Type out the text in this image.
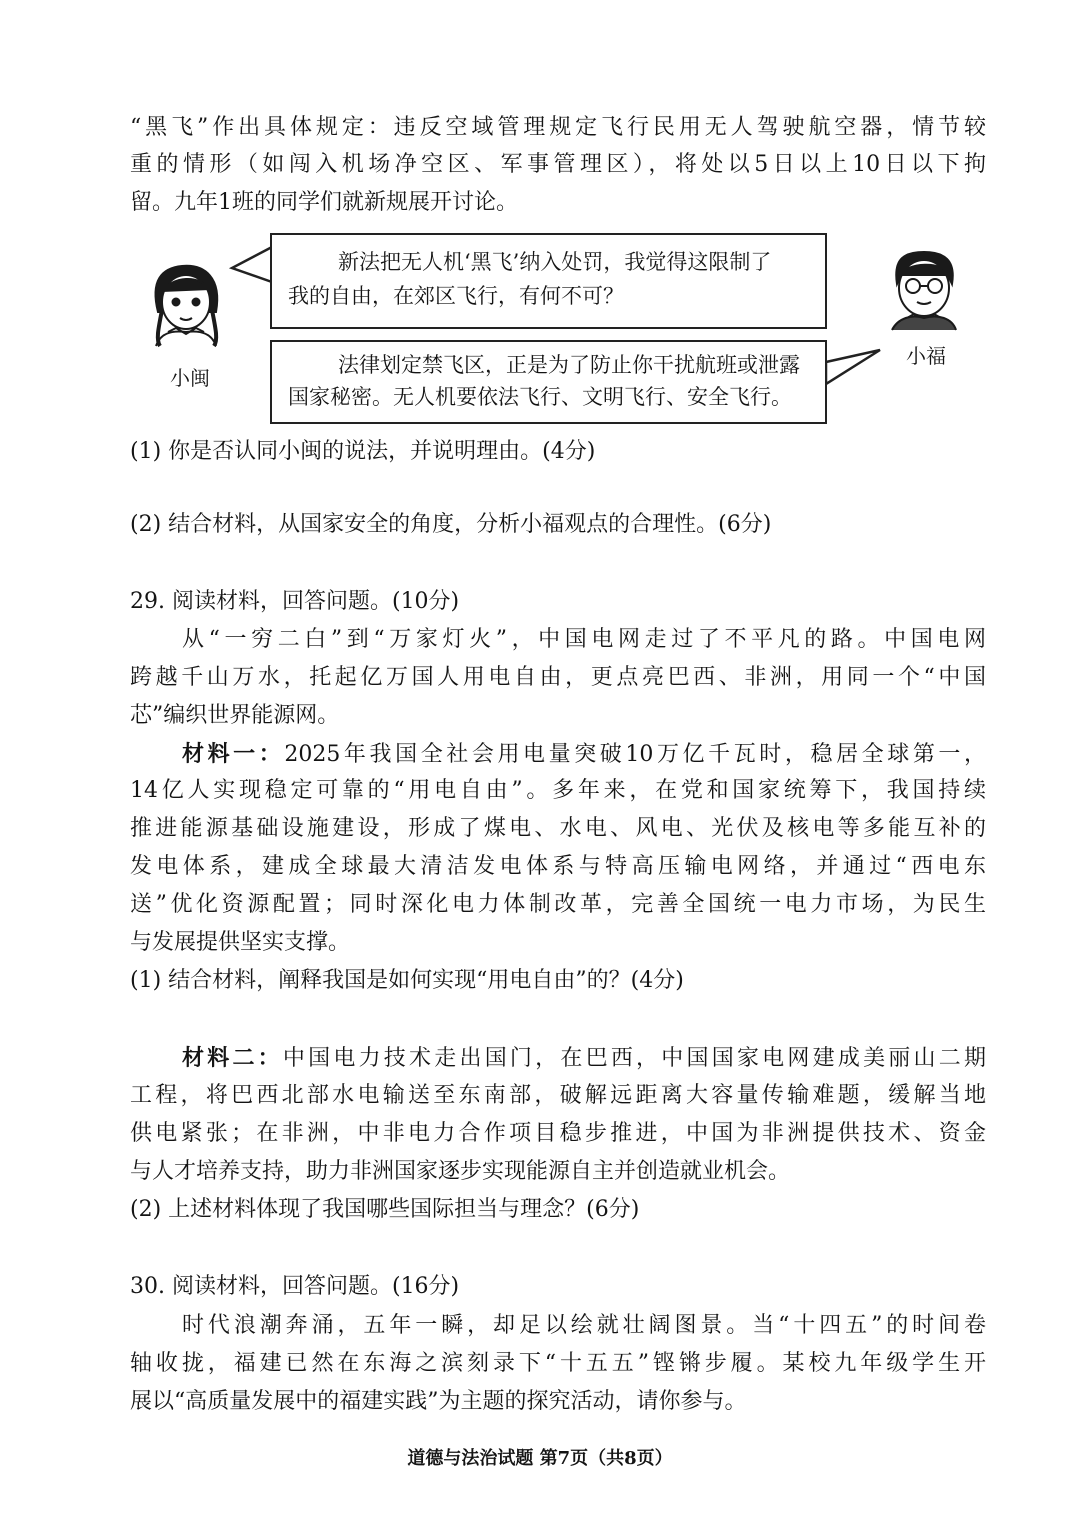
“黑飞”作出具体规定：违反空域管理规定飞行民用无人驾驶航空器，情节较
重的情形（如闯入机场净空区、军事管理区），将处以5日以上10日以下拘
留。九年1班的同学们就新规展开讨论。
新法把无人机‘黑飞’纳入处罚，我觉得这限制了
我的自由，在郊区飞行，有何不可？
法律划定禁飞区，正是为了防止你干扰航班或泄露
国家秘密。无人机要依法飞行、文明飞行、安全飞行。
小闽
小福
(1) 你是否认同小闽的说法，并说明理由。(4分)
(2) 结合材料，从国家安全的角度，分析小福观点的合理性。(6分)
29. 阅读材料，回答问题。(10分)
从“一穷二白”到“万家灯火”，中国电网走过了不平凡的路。中国电网
跨越千山万水，托起亿万国人用电自由，更点亮巴西、非洲，用同一个“中国
芯”编织世界能源网。
材料一：2025年我国全社会用电量突破10万亿千瓦时，稳居全球第一，
14亿人实现稳定可靠的“用电自由”。多年来，在党和国家统筹下，我国持续
推进能源基础设施建设，形成了煤电、水电、风电、光伏及核电等多能互补的
发电体系，建成全球最大清洁发电体系与特高压输电网络，并通过“西电东
送”优化资源配置；同时深化电力体制改革，完善全国统一电力市场，为民生
与发展提供坚实支撑。
(1) 结合材料，阐释我国是如何实现“用电自由”的？(4分)
材料二：中国电力技术走出国门，在巴西，中国国家电网建成美丽山二期
工程，将巴西北部水电输送至东南部，破解远距离大容量传输难题，缓解当地
供电紧张；在非洲，中非电力合作项目稳步推进，中国为非洲提供技术、资金
与人才培养支持，助力非洲国家逐步实现能源自主并创造就业机会。
(2) 上述材料体现了我国哪些国际担当与理念？(6分)
30. 阅读材料，回答问题。(16分)
时代浪潮奔涌，五年一瞬，却足以绘就壮阔图景。当“十四五”的时间卷
轴收拢，福建已然在东海之滨刻录下“十五五”铿锵步履。某校九年级学生开
展以“高质量发展中的福建实践”为主题的探究活动，请你参与。
道德与法治试题 第7页（共8页）
